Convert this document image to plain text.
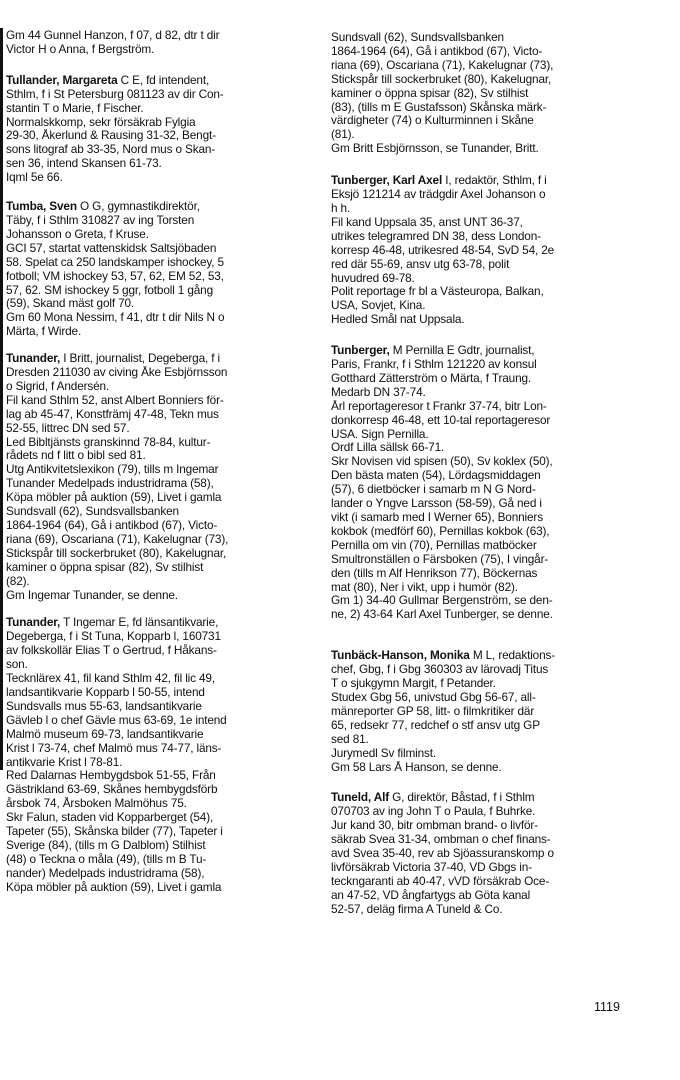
Gm 44 Gunnel Hanzon, f 07, d 82, dtr t dir
Victor H o Anna, f Bergström.
Tullander, Margareta C E, fd intendent,
Sthlm, f i St Petersburg 081123 av dir Con-
stantin T o Marie, f Fischer.
Normalskkomp, sekr försäkrab Fylgia
29-30, Åkerlund & Rausing 31-32, Bengt-
sons litograf ab 33-35, Nord mus o Skan-
sen 36, intend Skansen 61-73.
Iqml 5e 66.
Tumba, Sven O G, gymnastikdirektör,
Täby, f i Sthlm 310827 av ing Torsten
Johansson o Greta, f Kruse.
GCI 57, startat vattenskidsk Saltsjöbaden
58. Spelat ca 250 landskamper ishockey, 5
fotboll; VM ishockey 53, 57, 62, EM 52, 53,
57, 62. SM ishockey 5 ggr, fotboll 1 gång
(59), Skand mäst golf 70.
Gm 60 Mona Nessim, f 41, dtr t dir Nils N o
Märta, f Wirde.
Tunander, I Britt, journalist, Degeberga, f i
Dresden 211030 av civing Åke Esbjörnsson
o Sigrid, f Andersén.
Fil kand Sthlm 52, anst Albert Bonniers för-
lag ab 45-47, Konstfrämj 47-48, Tekn mus
52-55, littrec DN sed 57.
Led Bibltjänsts granskinnd 78-84, kultur-
rådets nd f litt o bibl sed 81.
Utg Antikvitetslexikon (79), tills m Ingemar
Tunander Medelpads industridrama (58),
Köpa möbler på auktion (59), Livet i gamla
Sundsvall (62), Sundsvallsbanken
1864-1964 (64), Gå i antikbod (67), Victo-
riana (69), Oscariana (71), Kakelugnar (73),
Stickspår till sockerbruket (80), Kakelugnar,
kaminer o öppna spisar (82), Sv stilhist
(82).
Gm Ingemar Tunander, se denne.
Tunander, T Ingemar E, fd länsantikvarie,
Degeberga, f i St Tuna, Kopparb l, 160731
av folkskollär Elias T o Gertrud, f Håkans-
son.
Tecknlärex 41, fil kand Sthlm 42, fil lic 49,
landsantikvarie Kopparb l 50-55, intend
Sundsvalls mus 55-63, landsantikvarie
Gävleb l o chef Gävle mus 63-69, 1e intend
Malmö museum 69-73, landsantikvarie
Krist l 73-74, chef Malmö mus 74-77, läns-
antikvarie Krist l 78-81.
Red Dalarnas Hembygdsbok 51-55, Från
Gästrikland 63-69, Skånes hembygdsförb
årsbok 74, Årsboken Malmöhus 75.
Skr Falun, staden vid Kopparberget (54),
Tapeter (55), Skånska bilder (77), Tapeter i
Sverige (84), (tills m G Dalblom) Stilhist
(48) o Teckna o måla (49), (tills m B Tu-
nander) Medelpads industridrama (58),
Köpa möbler på auktion (59), Livet i gamla
Sundsvall (62), Sundsvallsbanken
1864-1964 (64), Gå i antikbod (67), Victo-
riana (69), Oscariana (71), Kakelugnar (73),
Stickspår till sockerbruket (80), Kakelugnar,
kaminer o öppna spisar (82), Sv stilhist
(83), (tills m E Gustafsson) Skånska märk-
värdigheter (74) o Kulturminnen i Skåne
(81).
Gm Britt Esbjörnsson, se Tunander, Britt.
Tunberger, Karl Axel I, redaktör, Sthlm, f i
Eksjö 121214 av trädgdir Axel Johanson o
h h.
Fil kand Uppsala 35, anst UNT 36-37,
utrikes telegramred DN 38, dess London-
korresp 46-48, utrikesred 48-54, SvD 54, 2e
red där 55-69, ansv utg 63-78, polit
huvudred 69-78.
Polit reportage fr bl a Västeuropa, Balkan,
USA, Sovjet, Kina.
Hedled Smål nat Uppsala.
Tunberger, M Pernilla E Gdtr, journalist,
Paris, Frankr, f i Sthlm 121220 av konsul
Gotthard Zätterström o Märta, f Traung.
Medarb DN 37-74.
Årl reportageresor t Frankr 37-74, bitr Lon-
donkorresp 46-48, ett 10-tal reportageresor
USA. Sign Pernilla.
Ordf Lilla sällsk 66-71.
Skr Novisen vid spisen (50), Sv koklex (50),
Den bästa maten (54), Lördagsmiddagen
(57), 6 dietböcker i samarb m N G Nord-
lander o Yngve Larsson (58-59), Gå ned i
vikt (i samarb med I Werner 65), Bonniers
kokbok (medförf 60), Pernillas kokbok (63),
Pernilla om vin (70), Pernillas matböcker
Smultronställen o Färsboken (75), I vingår-
den (tills m Alf Henrikson 77), Böckernas
mat (80), Ner i vikt, upp i humör (82).
Gm 1) 34-40 Gullmar Bergenström, se den-
ne, 2) 43-64 Karl Axel Tunberger, se denne.
Tunbäck-Hanson, Monika M L, redaktions-
chef, Gbg, f i Gbg 360303 av lärovadj Titus
T o sjukgymn Margit, f Petander.
Studex Gbg 56, univstud Gbg 56-67, all-
mänreporter GP 58, litt- o filmkritiker där
65, redsekr 77, redchef o stf ansv utg GP
sed 81.
Jurymedl Sv filminst.
Gm 58 Lars Å Hanson, se denne.
Tuneld, Alf G, direktör, Båstad, f i Sthlm
070703 av ing John T o Paula, f Buhrke.
Jur kand 30, bitr ombman brand- o livför-
säkrab Svea 31-34, ombman o chef finans-
avd Svea 35-40, rev ab Sjöassuranskomp o
livförsäkrab Victoria 37-40, VD Gbgs in-
teckngaranti ab 40-47, vVD försäkrab Oce-
an 47-52, VD ångfartygs ab Göta kanal
52-57, deläg firma A Tuneld & Co.
1119
